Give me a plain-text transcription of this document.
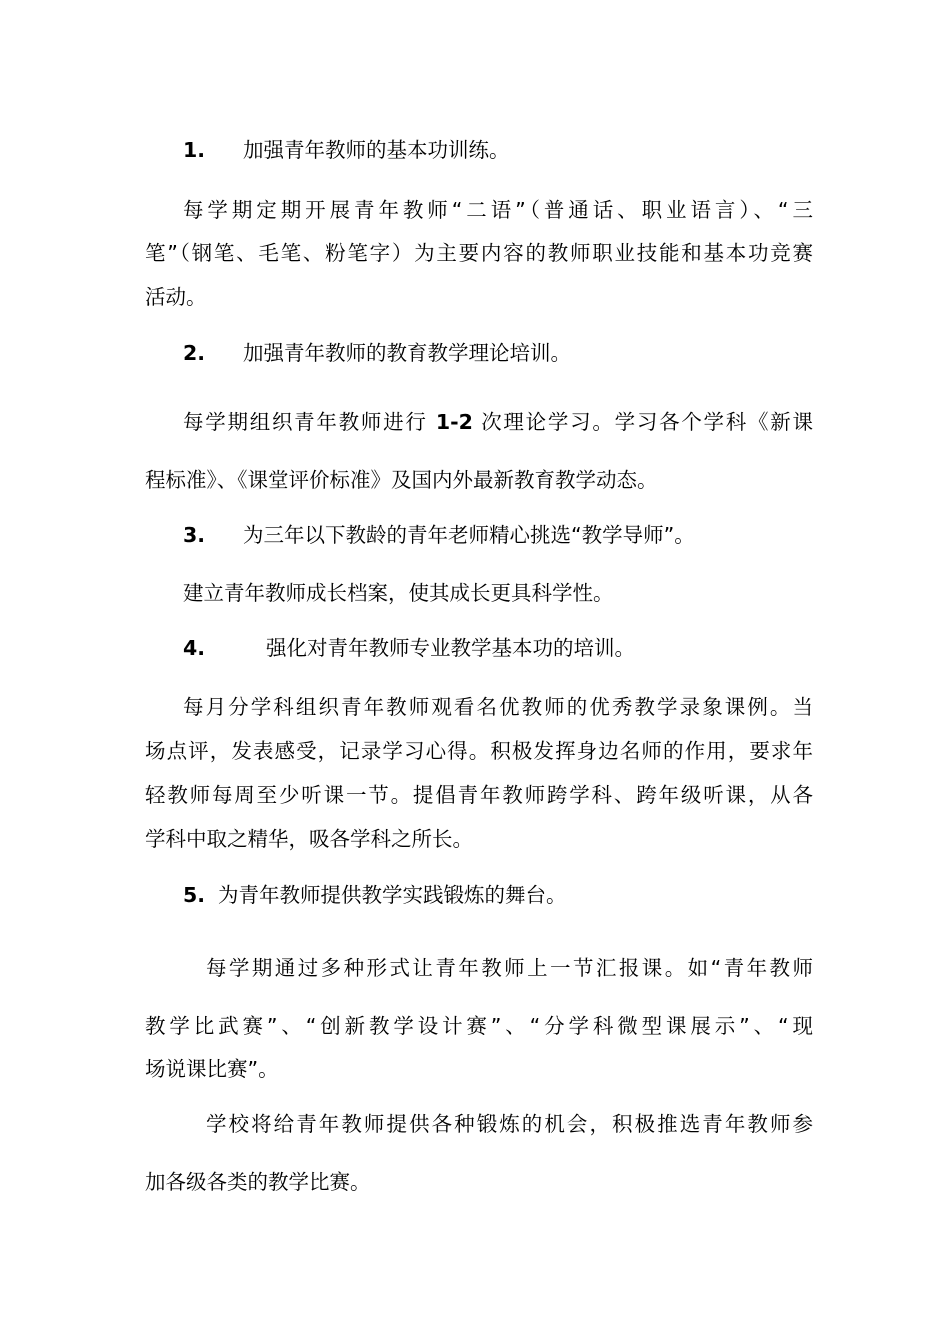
1. 加强青年教师的基本功训练。
每学期定期开展青年教师“二语”（普通话、职业语言）、“三
笔”（钢笔、毛笔、粉笔字）为主要内容的教师职业技能和基本功竞赛
活动。
2. 加强青年教师的教育教学理论培训。
每学期组织青年教师进行 1-2 次理论学习。学习各个学科《新课
程标准》、《课堂评价标准》及国内外最新教育教学动态。
3. 为三年以下教龄的青年老师精心挑选“教学导师”。
建立青年教师成长档案，使其成长更具科学性。
4.	强化对青年教师专业教学基本功的培训。
每月分学科组织青年教师观看名优教师的优秀教学录象课例。当
场点评，发表感受，记录学习心得。积极发挥身边名师的作用，要求年
轻教师每周至少听课一节。提倡青年教师跨学科、跨年级听课，从各
学科中取之精华，吸各学科之所长。
5. 为青年教师提供教学实践锻炼的舞台。
每学期通过多种形式让青年教师上一节汇报课。如“青年教师
教学比武赛”、“创新教学设计赛”、“分学科微型课展示”、“现
场说课比赛”。
学校将给青年教师提供各种锻炼的机会，积极推选青年教师参
加各级各类的教学比赛。
